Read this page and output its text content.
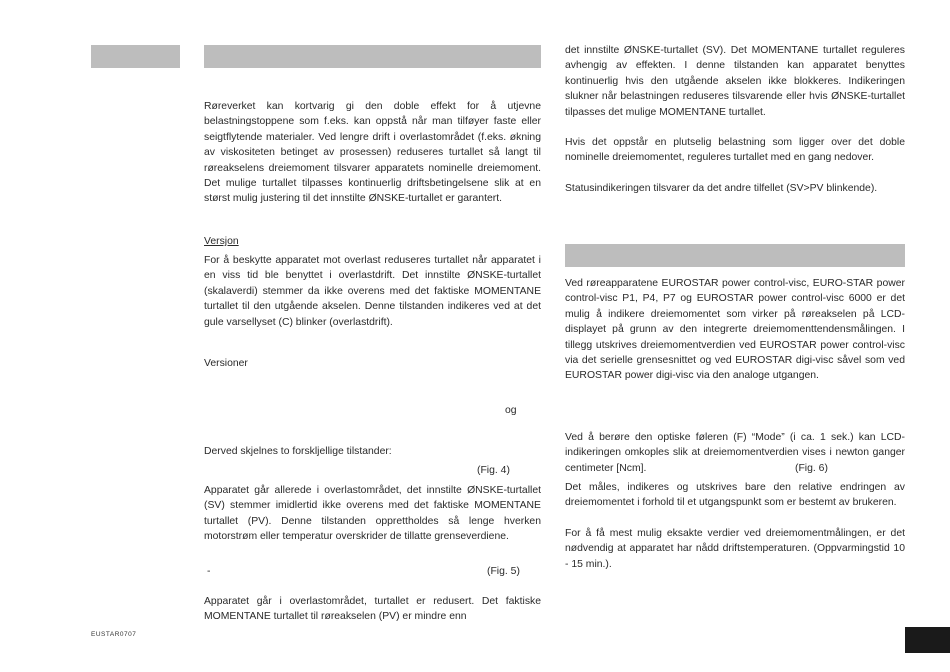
Røreverket kan kortvarig gi den doble effekt for å utjevne belastningstoppene som f.eks. kan oppstå når man tilføyer faste eller seigtflytende materialer. Ved lengre drift i overlastområdet (f.eks. økning av viskositeten betinget av prosessen) reduseres turtallet så langt til røreakselens dreiemoment tilsvarer apparatets nominelle dreiemoment. Det mulige turtallet tilpasses kontinuerlig driftsbetingelsene slik at en størst mulig justering til det innstilte ØNSKE-turtallet er garantert.

Versjon

For å beskytte apparatet mot overlast reduseres turtallet når apparatet i en viss tid ble benyttet i overlastdrift. Det innstilte ØNSKE-turtallet (skalaverdi) stemmer da ikke overens med det faktiske MOMENTANE turtallet til den utgående akselen. Denne tilstanden indikeres ved at det gule varsellyset (C) blinker (overlastdrift).

Versioner
og
Derved skjelnes to forskljellige tilstander:
(Fig. 4)

Apparatet går allerede i overlastområdet, det innstilte ØNSKE-turtallet (SV) stemmer imidlertid ikke overens med det faktiske MOMENTANE turtallet (PV). Denne tilstanden opprettholdes så lenge hverken motorstrøm eller temperatur overskrider de tillatte grenseverdiene.

-	(Fig. 5)

Apparatet går i overlastområdet, turtallet er redusert. Det faktiske MOMENTANE turtallet til røreakselen (PV) er mindre enn

det innstilte ØNSKE-turtallet (SV). Det MOMENTANE turtallet reguleres avhengig av effekten. I denne tilstanden kan apparatet benyttes kontinuerlig hvis den utgående akselen ikke blokkeres. Indikeringen slukner når belastningen reduseres tilsvarende eller hvis ØNSKE-turtallet tilpasses det mulige MOMENTANE turtallet.

Hvis det oppstår en plutselig belastning som ligger over det doble nominelle dreiemomentet, reguleres turtallet med en gang nedover.

Statusindikeringen tilsvarer da det andre tilfellet (SV>PV blinkende).

Ved røreapparatene EUROSTAR power control-visc, EURO-STAR power control-visc P1, P4, P7 og EUROSTAR power control-visc 6000 er det mulig å indikere dreiemomentet som virker på røreakselen på LCD-displayet på grunn av den integrerte dreiemomenttendensmålingen. I tillegg utskrives dreiemomentverdien ved EUROSTAR power control-visc via det serielle grensesnittet og ved EUROSTAR digi-visc såvel som ved EUROSTAR power digi-visc via den analoge utgangen.

Ved å berøre den optiske føleren (F) “Mode” (i ca. 1 sek.) kan LCD-indikeringen omkoples slik at dreiemomentverdien vises i newton ganger centimeter [Ncm].	(Fig. 6)

Det måles, indikeres og utskrives bare den relative endringen av dreiemomentet i forhold til et utgangspunkt som er bestemt av brukeren.

For å få mest mulig eksakte verdier ved dreiemomentmålingen, er det nødvendig at apparatet har nådd driftstemperaturen. (Oppvarmingstid 10 - 15 min.).

EUSTAR0707
